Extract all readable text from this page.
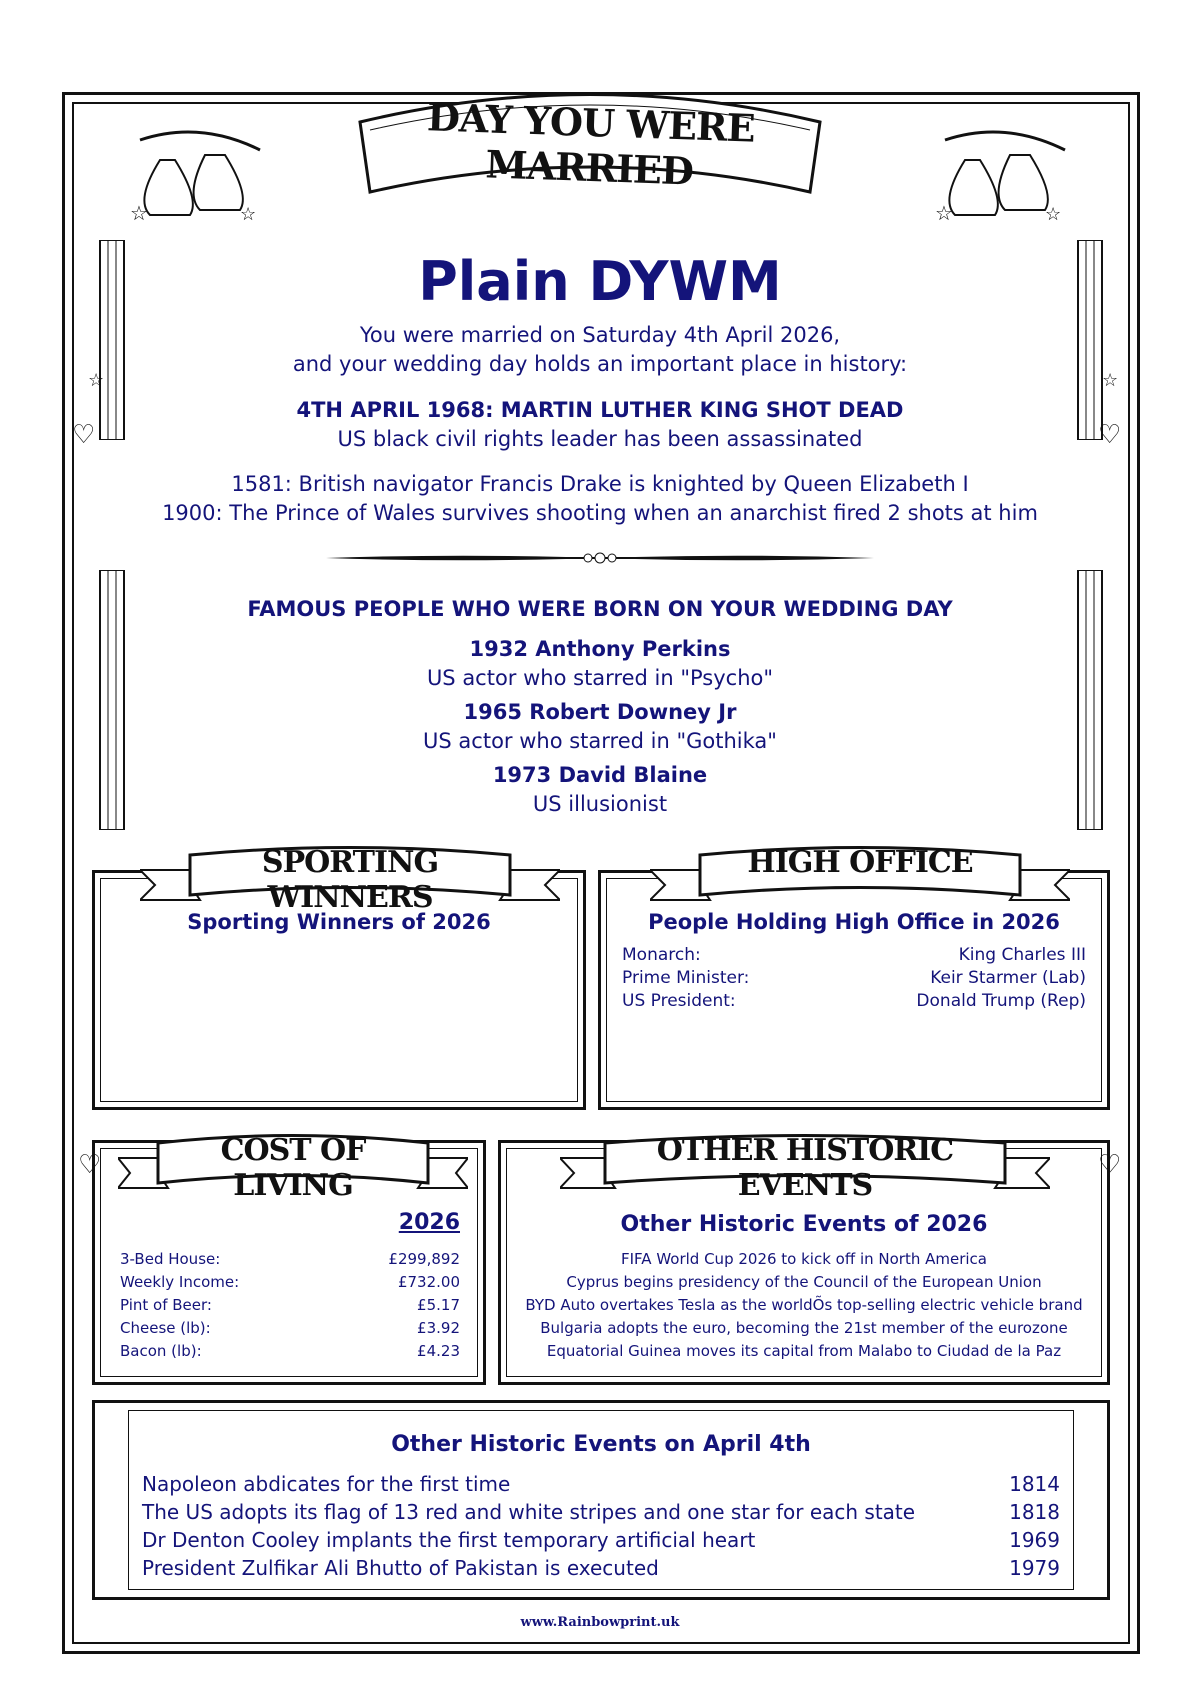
☆	☆	☆	☆
♡	♡
♡	♡
☆	☆
DAY YOU WERE MARRIED
Plain DYWM
You were married on Saturday 4th April 2026,
and your wedding day holds an important place in history:
4TH APRIL 1968: MARTIN LUTHER KING SHOT DEAD
US black civil rights leader has been assassinated
1581: British navigator Francis Drake is knighted by Queen Elizabeth I
1900: The Prince of Wales survives shooting when an anarchist fired 2 shots at him
FAMOUS PEOPLE WHO WERE BORN ON YOUR WEDDING DAY
1932 Anthony Perkins
US actor who starred in "Psycho"
1965 Robert Downey Jr
US actor who starred in "Gothika"
1973 David Blaine
US illusionist
SPORTING WINNERS
Sporting Winners of 2026
HIGH OFFICE
People Holding High Office in 2026
Monarch:	King Charles III
Prime Minister:	Keir Starmer (Lab)
US President:	Donald Trump (Rep)
COST OF LIVING
2026
3-Bed House:	£299,892
Weekly Income:	£732.00
Pint of Beer:	£5.17
Cheese (lb):	£3.92
Bacon (lb):	£4.23
OTHER HISTORIC EVENTS
Other Historic Events of 2026
FIFA World Cup 2026 to kick off in North America
Cyprus begins presidency of the Council of the European Union
BYD Auto overtakes Tesla as the worldÕs top-selling electric vehicle brand
Bulgaria adopts the euro, becoming the 21st member of the eurozone
Equatorial Guinea moves its capital from Malabo to Ciudad de la Paz
Other Historic Events on April 4th
Napoleon abdicates for the first time	1814
The US adopts its flag of 13 red and white stripes and one star for each state	1818
Dr Denton Cooley implants the first temporary artificial heart	1969
President Zulfikar Ali Bhutto of Pakistan is executed	1979
www.Rainbowprint.uk
